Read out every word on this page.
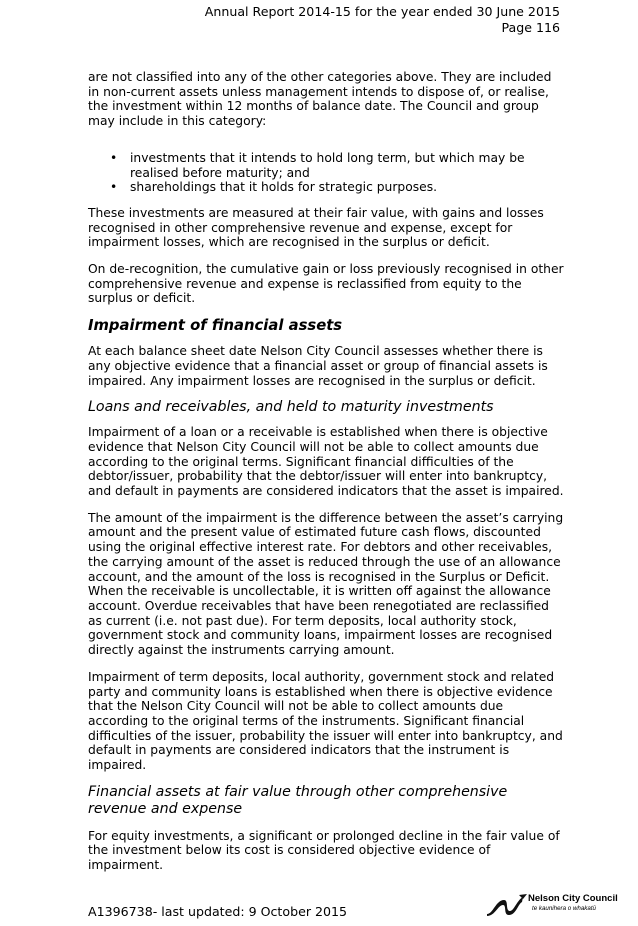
Annual Report 2014-15 for the year ended 30 June 2015
Page 116

are not classified into any of the other categories above. They are included in non-current assets unless management intends to dispose of, or realise, the investment within 12 months of balance date. The Council and group may include in this category:

• investments that it intends to hold long term, but which may be realised before maturity; and
• shareholdings that it holds for strategic purposes.

These investments are measured at their fair value, with gains and losses recognised in other comprehensive revenue and expense, except for impairment losses, which are recognised in the surplus or deficit.

On de-recognition, the cumulative gain or loss previously recognised in other comprehensive revenue and expense is reclassified from equity to the surplus or deficit.

Impairment of financial assets

At each balance sheet date Nelson City Council assesses whether there is any objective evidence that a financial asset or group of financial assets is impaired. Any impairment losses are recognised in the surplus or deficit.

Loans and receivables, and held to maturity investments

Impairment of a loan or a receivable is established when there is objective evidence that Nelson City Council will not be able to collect amounts due according to the original terms. Significant financial difficulties of the debtor/issuer, probability that the debtor/issuer will enter into bankruptcy, and default in payments are considered indicators that the asset is impaired.

The amount of the impairment is the difference between the asset’s carrying amount and the present value of estimated future cash flows, discounted using the original effective interest rate. For debtors and other receivables, the carrying amount of the asset is reduced through the use of an allowance account, and the amount of the loss is recognised in the Surplus or Deficit. When the receivable is uncollectable, it is written off against the allowance account. Overdue receivables that have been renegotiated are reclassified as current (i.e. not past due). For term deposits, local authority stock, government stock and community loans, impairment losses are recognised directly against the instruments carrying amount.

Impairment of term deposits, local authority, government stock and related party and community loans is established when there is objective evidence that the Nelson City Council will not be able to collect amounts due according to the original terms of the instruments. Significant financial difficulties of the issuer, probability the issuer will enter into bankruptcy, and default in payments are considered indicators that the instrument is impaired.

Financial assets at fair value through other comprehensive revenue and expense

For equity investments, a significant or prolonged decline in the fair value of the investment below its cost is considered objective evidence of impairment.

A1396738- last updated: 9 October 2015
Nelson City Council
te kaunihera o whakatū
